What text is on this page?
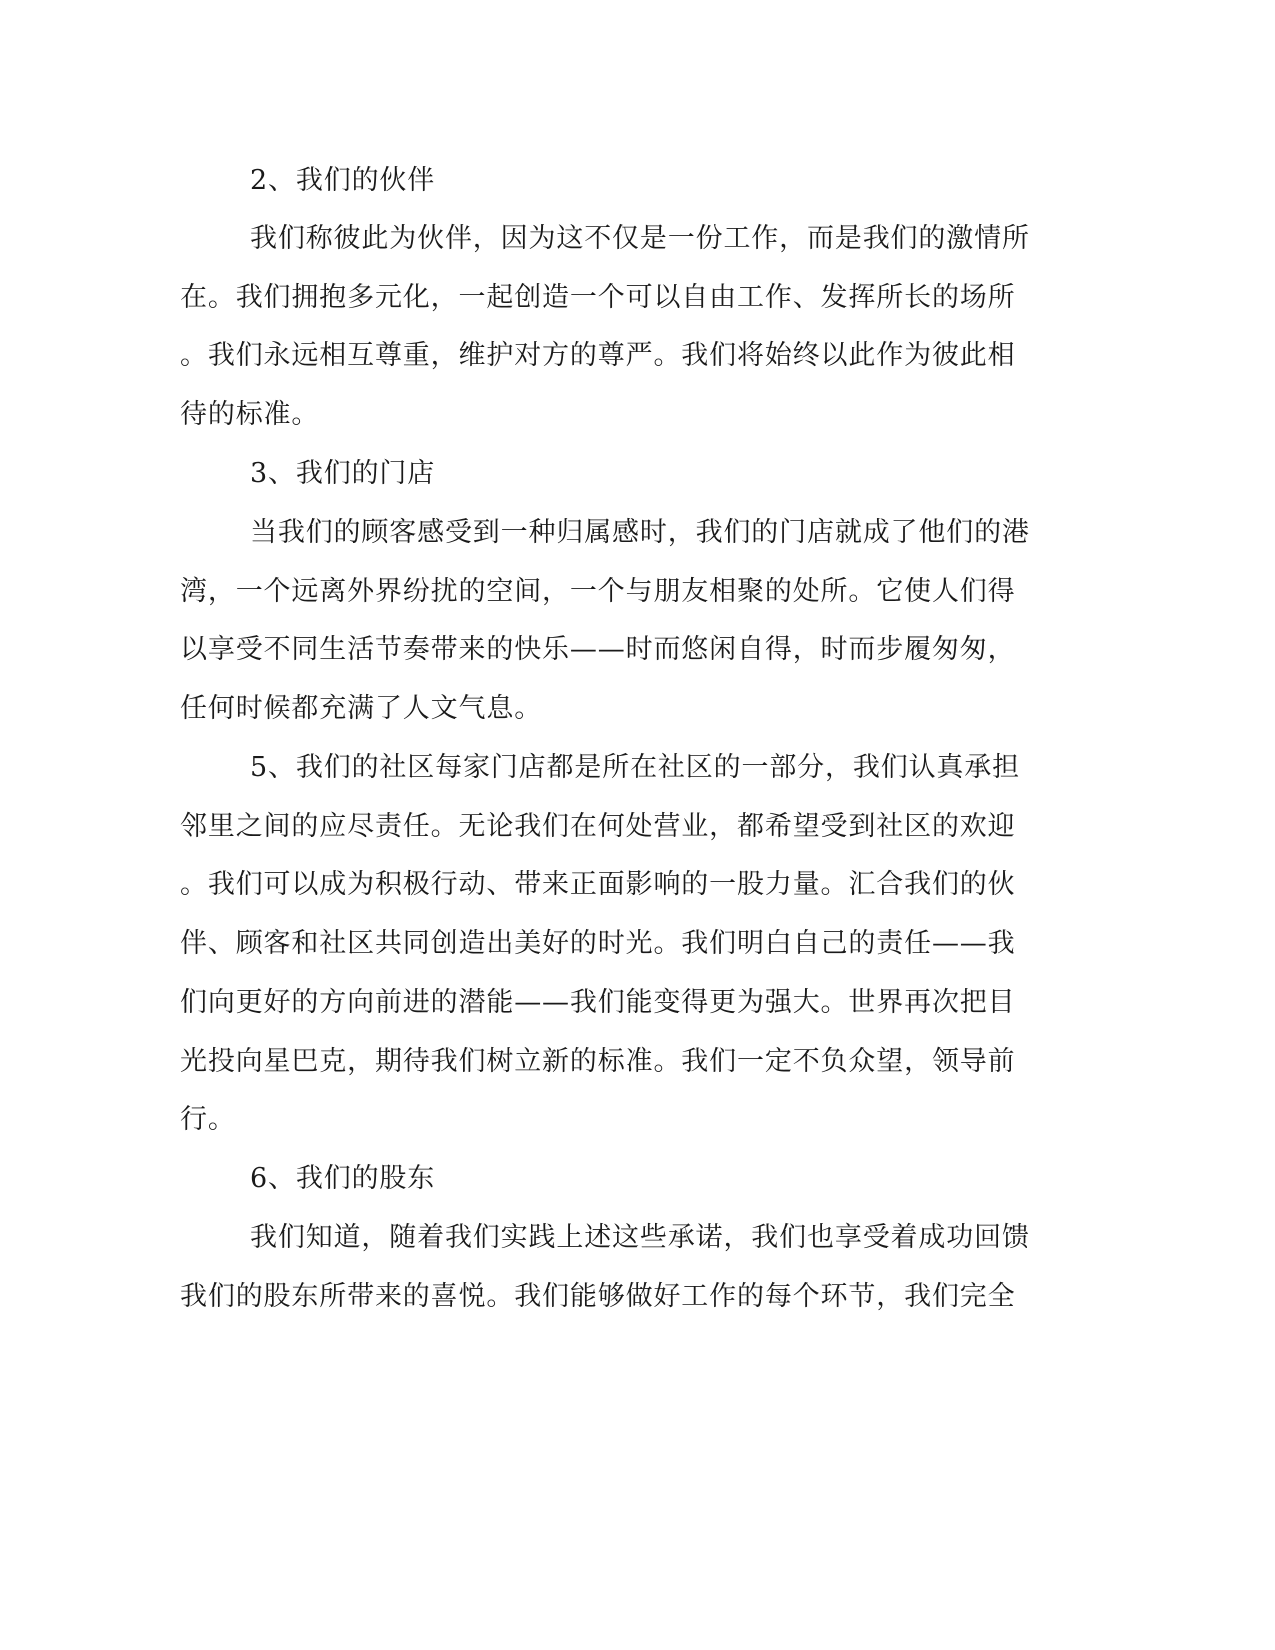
2、我们的伙伴
我们称彼此为伙伴，因为这不仅是一份工作，而是我们的激情所
在。我们拥抱多元化，一起创造一个可以自由工作、发挥所长的场所
。我们永远相互尊重，维护对方的尊严。我们将始终以此作为彼此相
待的标准。
3、我们的门店
当我们的顾客感受到一种归属感时，我们的门店就成了他们的港
湾，一个远离外界纷扰的空间，一个与朋友相聚的处所。它使人们得
以享受不同生活节奏带来的快乐——时而悠闲自得，时而步履匆匆，
任何时候都充满了人文气息。
5、我们的社区每家门店都是所在社区的一部分，我们认真承担
邻里之间的应尽责任。无论我们在何处营业，都希望受到社区的欢迎
。我们可以成为积极行动、带来正面影响的一股力量。汇合我们的伙
伴、顾客和社区共同创造出美好的时光。我们明白自己的责任——我
们向更好的方向前进的潜能——我们能变得更为强大。世界再次把目
光投向星巴克，期待我们树立新的标准。我们一定不负众望，领导前
行。
6、我们的股东
我们知道，随着我们实践上述这些承诺，我们也享受着成功回馈
我们的股东所带来的喜悦。我们能够做好工作的每个环节，我们完全
